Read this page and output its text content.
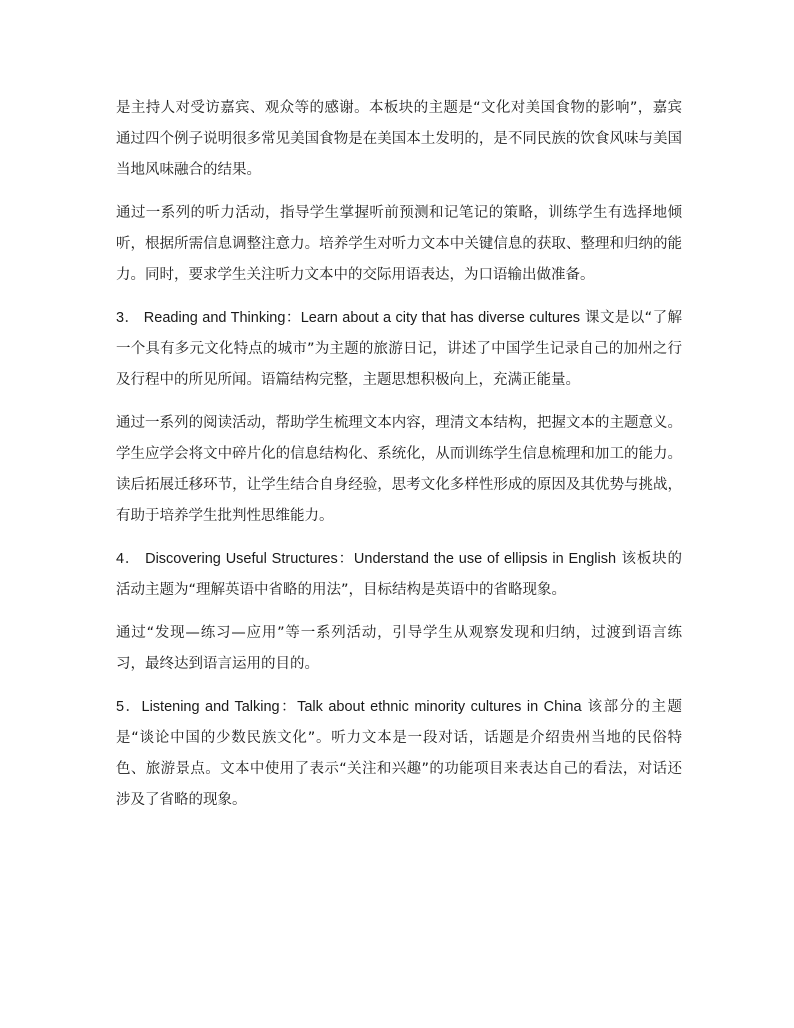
是主持人对受访嘉宾、观众等的感谢。本板块的主题是“文化对美国食物的影响”，嘉宾通过四个例子说明很多常见美国食物是在美国本土发明的，是不同民族的饮食风味与美国当地风味融合的结果。

通过一系列的听力活动，指导学生掌握听前预测和记笔记的策略，训练学生有选择地倾听，根据所需信息调整注意力。培养学生对听力文本中关键信息的获取、整理和归纳的能力。同时，要求学生关注听力文本中的交际用语表达，为口语输出做准备。

3． Reading and Thinking：Learn about a city that has diverse cultures 课文是以“了解一个具有多元文化特点的城市”为主题的旅游日记，讲述了中国学生记录自己的加州之行及行程中的所见所闻。语篇结构完整，主题思想积极向上，充满正能量。

通过一系列的阅读活动，帮助学生梳理文本内容，理清文本结构，把握文本的主题意义。学生应学会将文中碎片化的信息结构化、系统化，从而训练学生信息梳理和加工的能力。读后拓展迁移环节，让学生结合自身经验，思考文化多样性形成的原因及其优势与挑战，有助于培养学生批判性思维能力。

4． Discovering Useful Structures：Understand the use of ellipsis in English 该板块的活动主题为“理解英语中省略的用法”，目标结构是英语中的省略现象。

通过“发现—练习—应用”等一系列活动，引导学生从观察发现和归纳，过渡到语言练习，最终达到语言运用的目的。

5．Listening and Talking：Talk about ethnic minority cultures in China 该部分的主题是“谈论中国的少数民族文化”。听力文本是一段对话，话题是介绍贵州当地的民俗特色、旅游景点。文本中使用了表示“关注和兴趣”的功能项目来表达自己的看法，对话还涉及了省略的现象。
